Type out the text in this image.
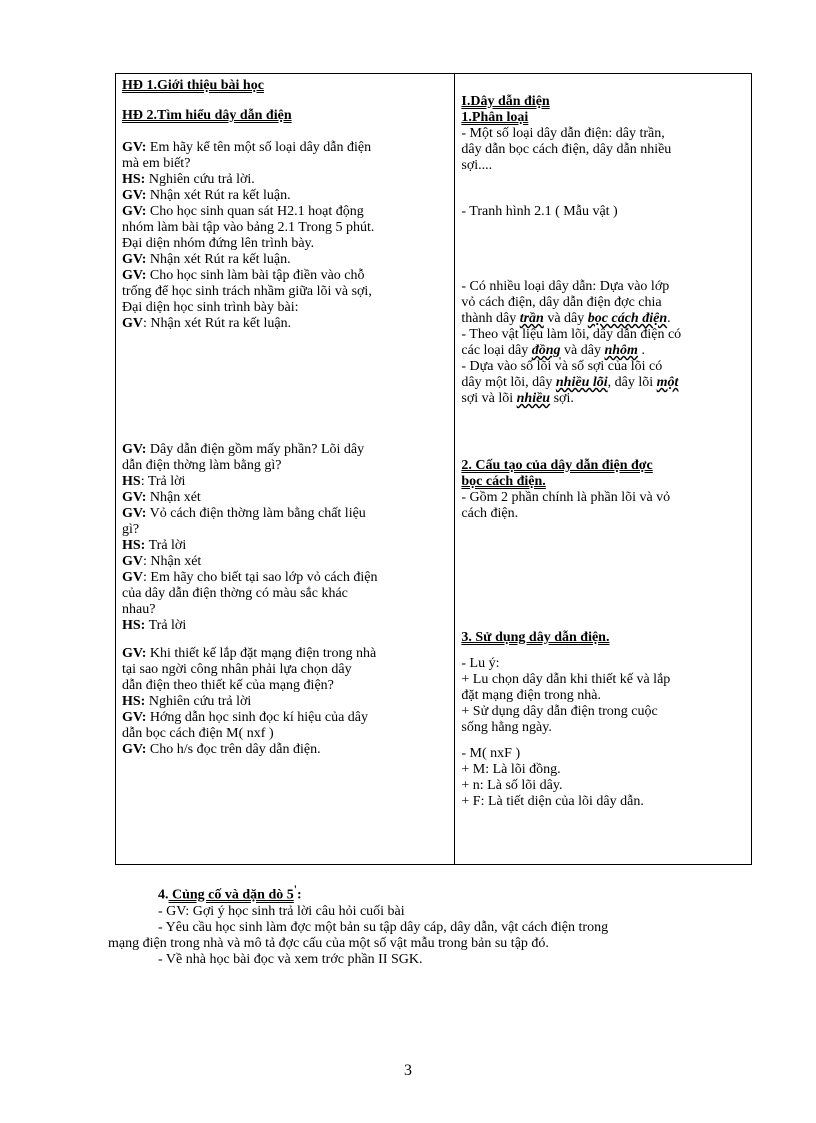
HĐ 1.Giới thiệu bài học
HĐ 2.Tìm hiểu dây dẫn điện
GV: Em hãy kể tên một số loại dây dẫn điện
mà em biết?
HS: Nghiên cứu trả lời.
GV: Nhận xét Rút ra kết luận.
GV: Cho học sinh quan sát H2.1 hoạt động
nhóm làm bài tập vào bảng 2.1 Trong 5 phút.
Đại diện nhóm đứng lên trình bày.
GV: Nhận xét Rút ra kết luận.
GV: Cho học sinh làm bài tập điền vào chỗ
trống để học sinh trách nhầm giữa lõi và sợi,
Đại diện học sinh trình bày bài:
GV: Nhận xét Rút ra kết luận.
GV: Dây dẫn điện gồm mấy phần? Lõi dây
dẫn điện thờng làm bằng gì?
HS: Trả lời
GV: Nhận xét
GV: Vỏ cách điện thờng làm bằng chất liệu
gì?
HS: Trả lời
GV: Nhận xét
GV: Em hãy cho biết tại sao lớp vỏ cách điện
của dây dẫn điện thờng có màu sắc khác
nhau?
HS: Trả lời
GV: Khi thiết kế lắp đặt mạng điện trong nhà
tại sao ngời công nhân phải lựa chọn dây
dẫn điện theo thiết kế của mạng điện?
HS: Nghiên cứu trả lời
GV: Hớng dẫn học sinh đọc kí hiệu của dây
dẫn bọc cách điện M( nxf )
GV: Cho h/s đọc trên dây dẫn điện.

I.Dây dẫn điện
1.Phân loại
- Một số loại dây dẫn điện: dây trần,
dây dẫn bọc cách điện, dây dẫn nhiều
sợi....
- Tranh hình 2.1 ( Mẫu vật )
- Có nhiều loại dây dẫn: Dựa vào lớp
vỏ cách điện, dây dẫn điện đợc chia
thành dây trần và dây bọc cách điện.
- Theo vật liệu làm lõi, dây dẫn điện có
các loại dây đồng và dây nhôm .
- Dựa vào số lõi và số sợi của lõi có
dây một lõi, dây nhiều lõi, dây lõi một
sợi và lõi nhiều sợi.
2. Cấu tạo của dây dẫn điện đợc
bọc cách điện.
- Gồm 2 phần chính là phần lõi và vỏ
cách điện.
3. Sử dụng dây dẫn điện.
- Lu ý:
+ Lu chọn dây dẫn khi thiết kế và lắp
đặt mạng điện trong nhà.
+ Sử dụng dây dẫn điện trong cuộc
sống hằng ngày.
- M( nxF )
+ M: Là lõi đồng.
+ n: Là số lõi dây.
+ F: Là tiết diện của lõi dây dẫn.
4. Củng cố và dặn dò 5':
- GV: Gợi ý học sinh trả lời câu hỏi cuối bài
- Yêu cầu học sinh làm đợc một bản su tập dây cáp, dây dẫn, vật cách điện trong
mạng điện trong nhà và mô tả đợc cấu của một số vật mẫu trong bản su tập đó.
- Về nhà học bài đọc và xem trớc phần II SGK.
3
